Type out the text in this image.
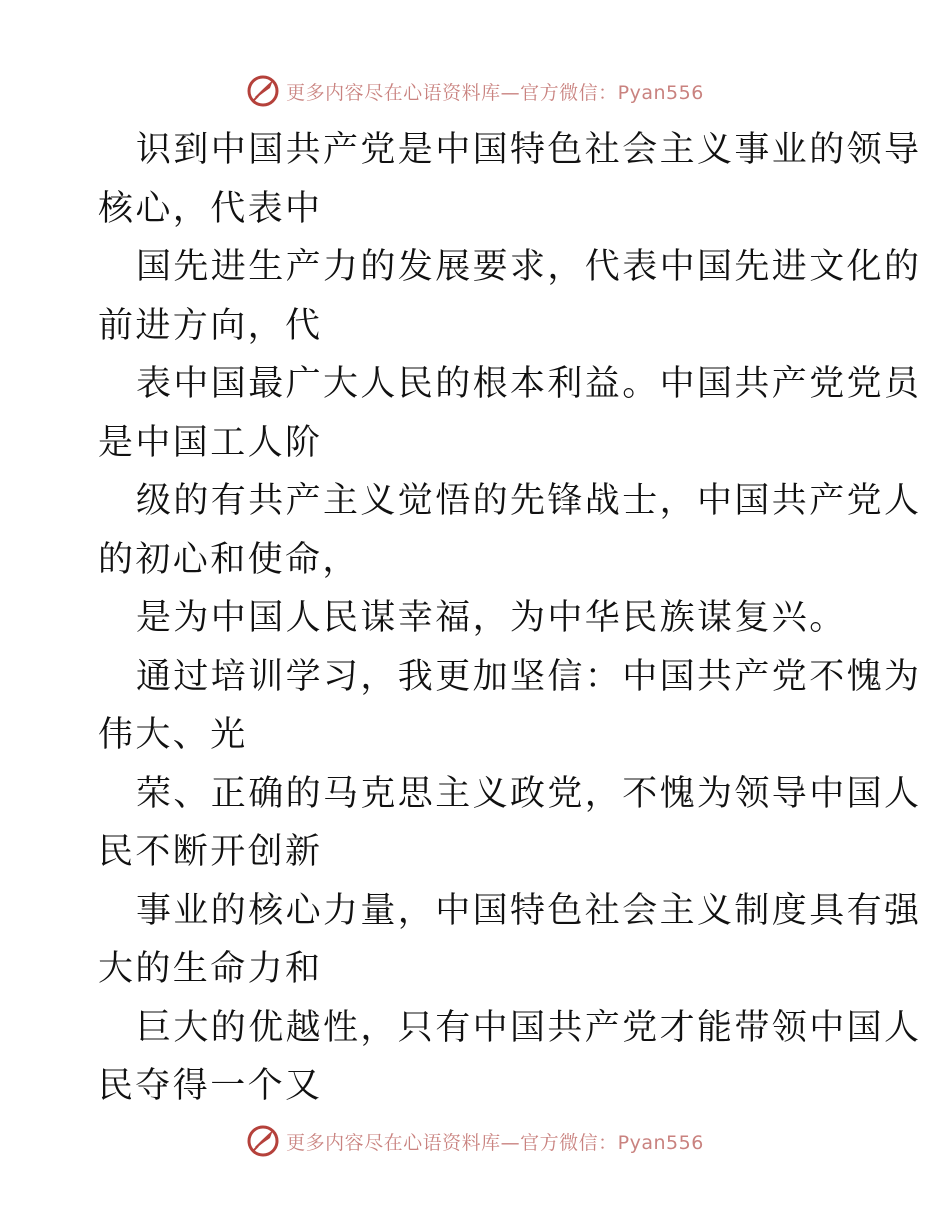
更多内容尽在心语资料库—官方微信：Pyan556
识到中国共产党是中国特色社会主义事业的领导
核心，代表中
国先进生产力的发展要求，代表中国先进文化的
前进方向，代
表中国最广大人民的根本利益。中国共产党党员
是中国工人阶
级的有共产主义觉悟的先锋战士，中国共产党人
的初心和使命，
是为中国人民谋幸福，为中华民族谋复兴。
通过培训学习，我更加坚信：中国共产党不愧为
伟大、光
荣、正确的马克思主义政党，不愧为领导中国人
民不断开创新
事业的核心力量，中国特色社会主义制度具有强
大的生命力和
巨大的优越性，只有中国共产党才能带领中国人
民夺得一个又
更多内容尽在心语资料库—官方微信：Pyan556
